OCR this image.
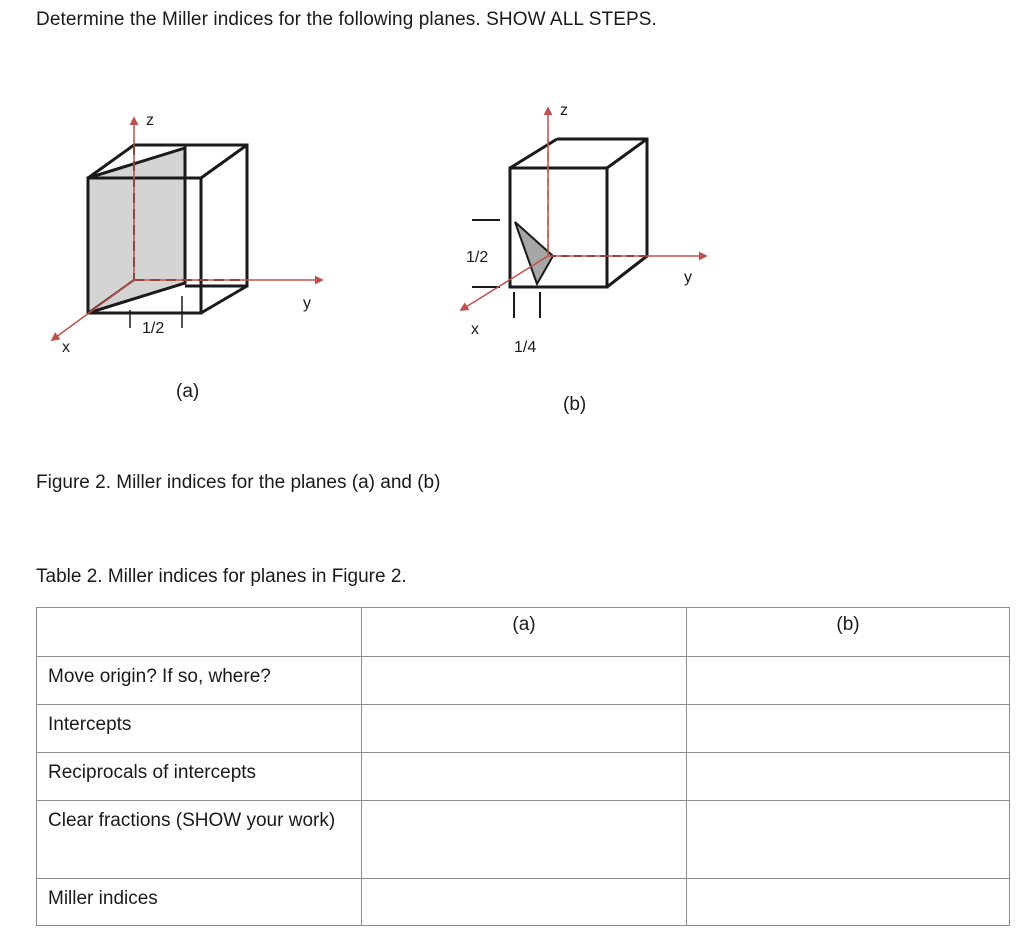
Determine the Miller indices for the following planes. SHOW ALL STEPS.
z
y
x
1/2
(a)
z
y
x
1/2
1/4
(b)
Figure 2. Miller indices for the planes (a) and (b)
Table 2. Miller indices for planes in Figure 2.
	(a)	(b)
Move origin? If so, where?		
Intercepts		
Reciprocals of intercepts		
Clear fractions (SHOW your work)		
Miller indices		
